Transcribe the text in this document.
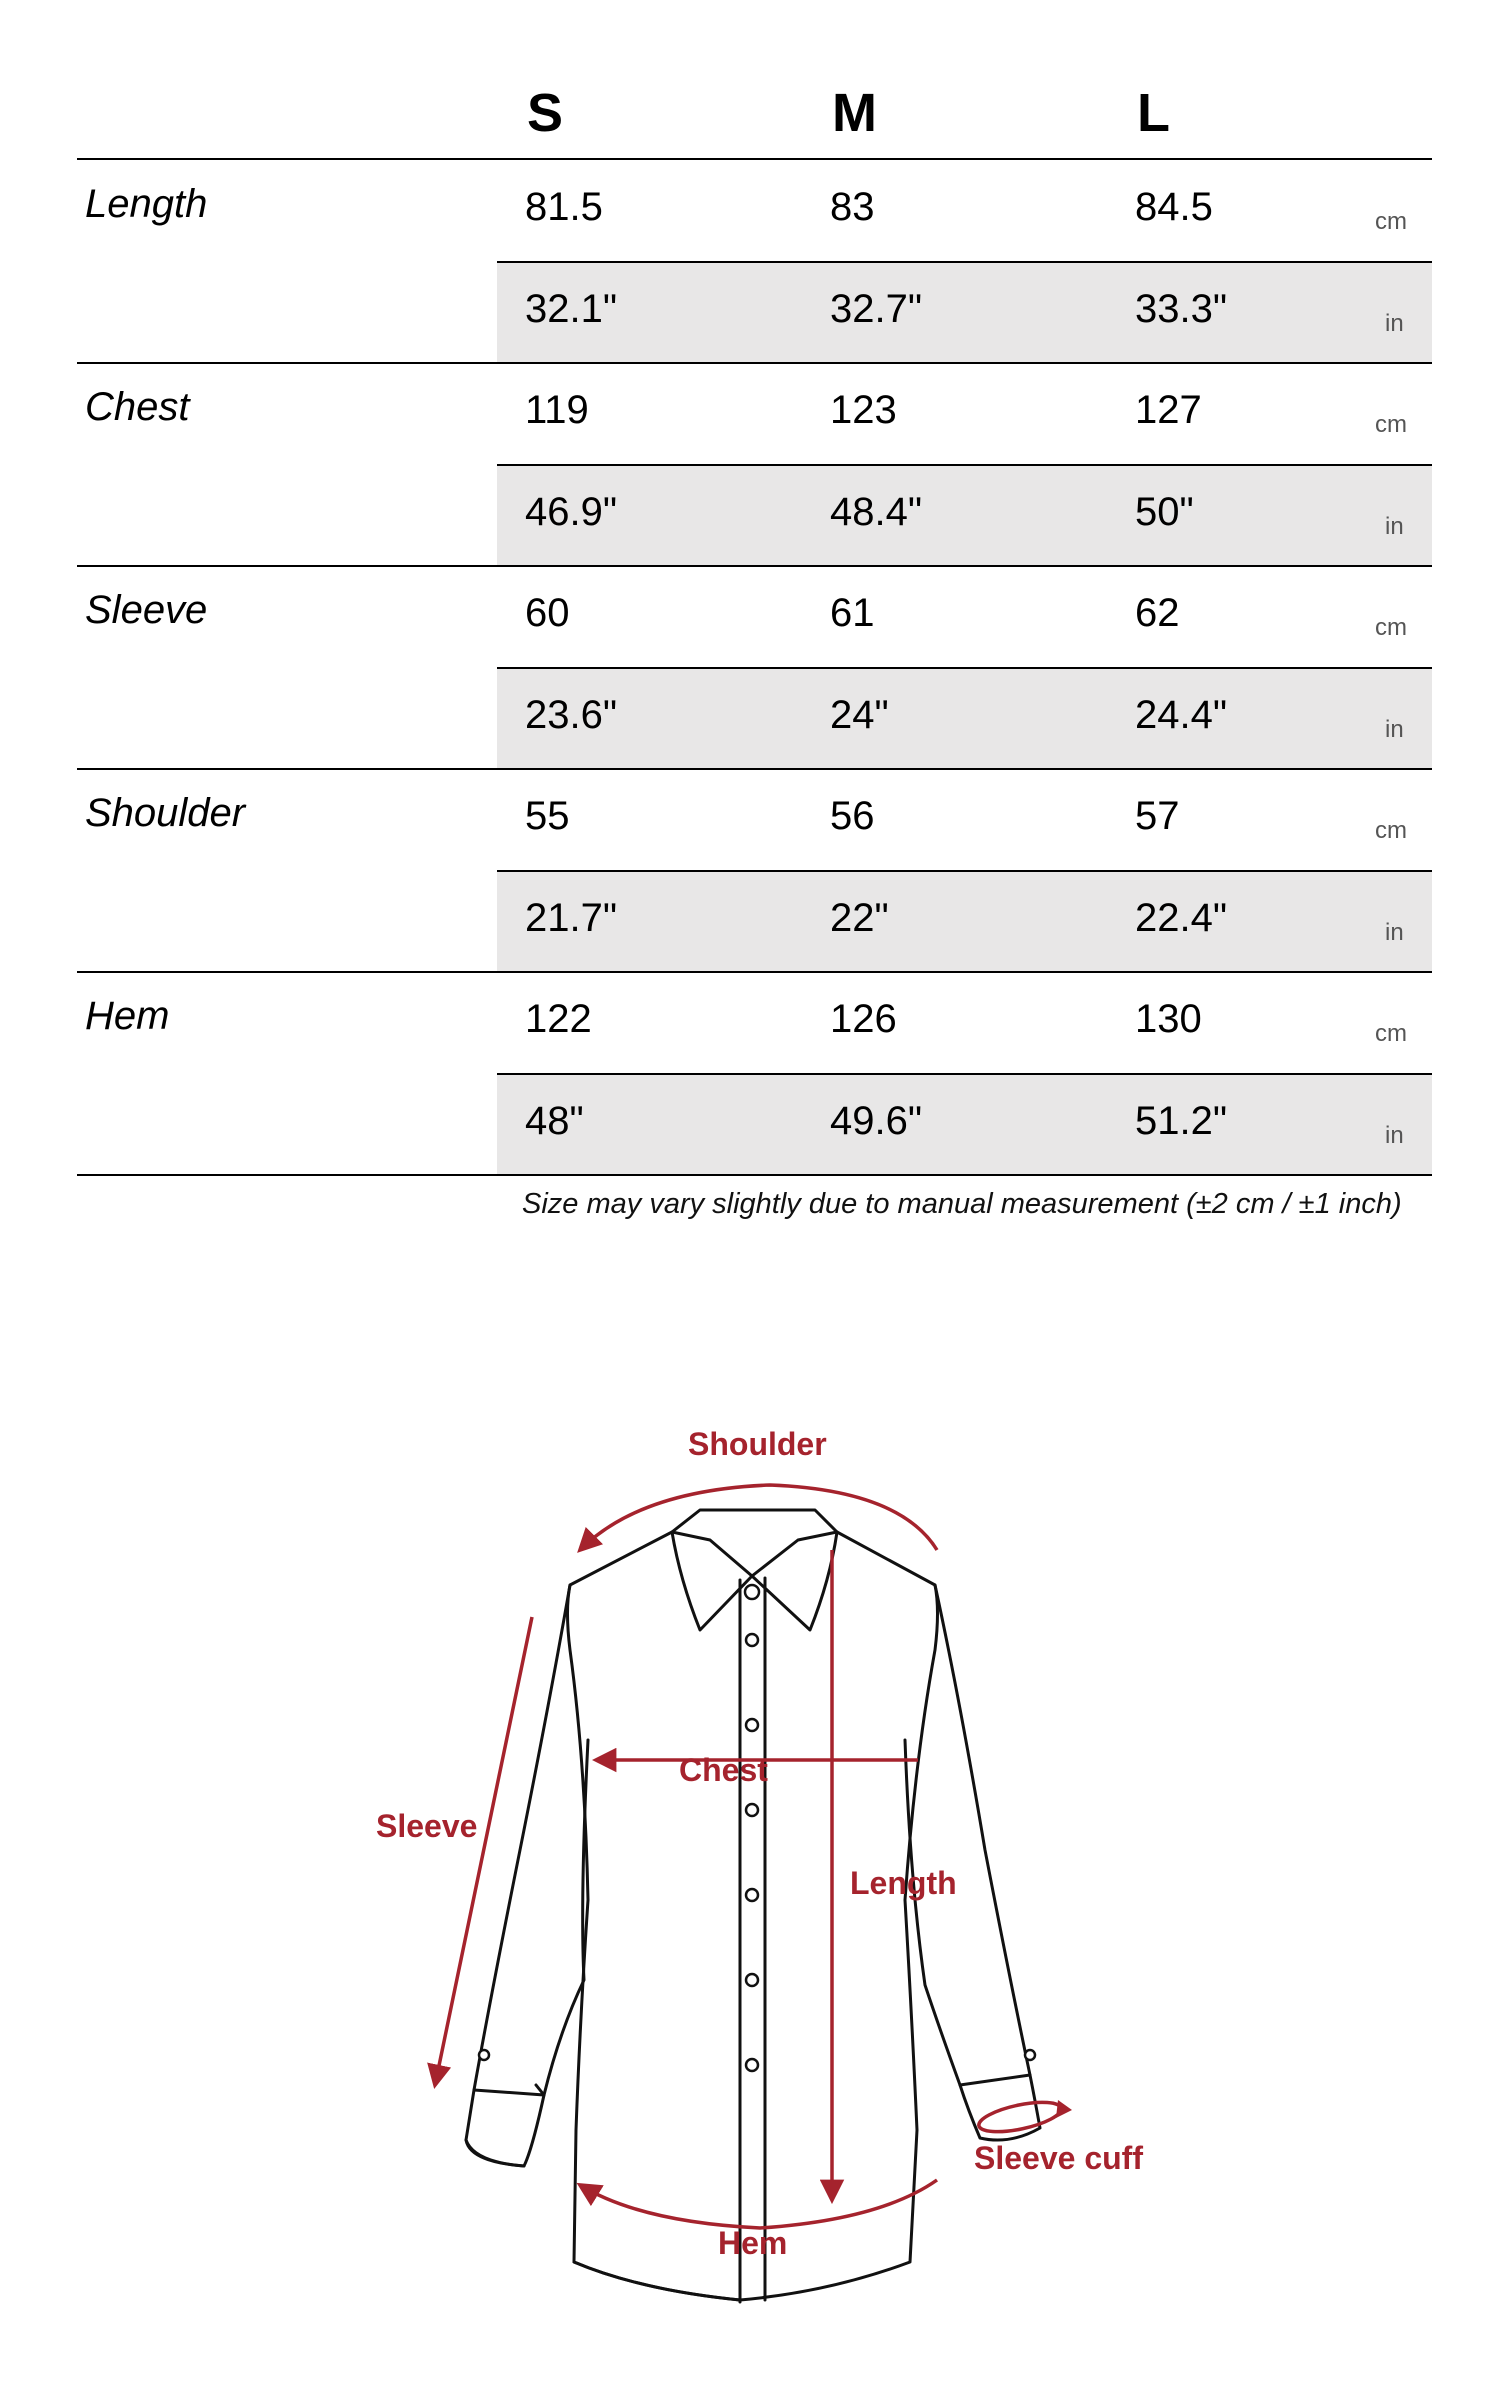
S	M	L
Length	81.5	83	84.5	cm
32.1"	32.7"	33.3"	in
Chest	119	123	127	cm
46.9"	48.4"	50"	in
Sleeve	60	61	62	cm
23.6"	24"	24.4"	in
Shoulder	55	56	57	cm
21.7"	22"	22.4"	in
Hem	122	126	130	cm
48"	49.6"	51.2"	in
Size may vary slightly due to manual measurement (±2 cm / ±1 inch)
Shoulder
Chest
Sleeve
Length
Sleeve cuff
Hem
